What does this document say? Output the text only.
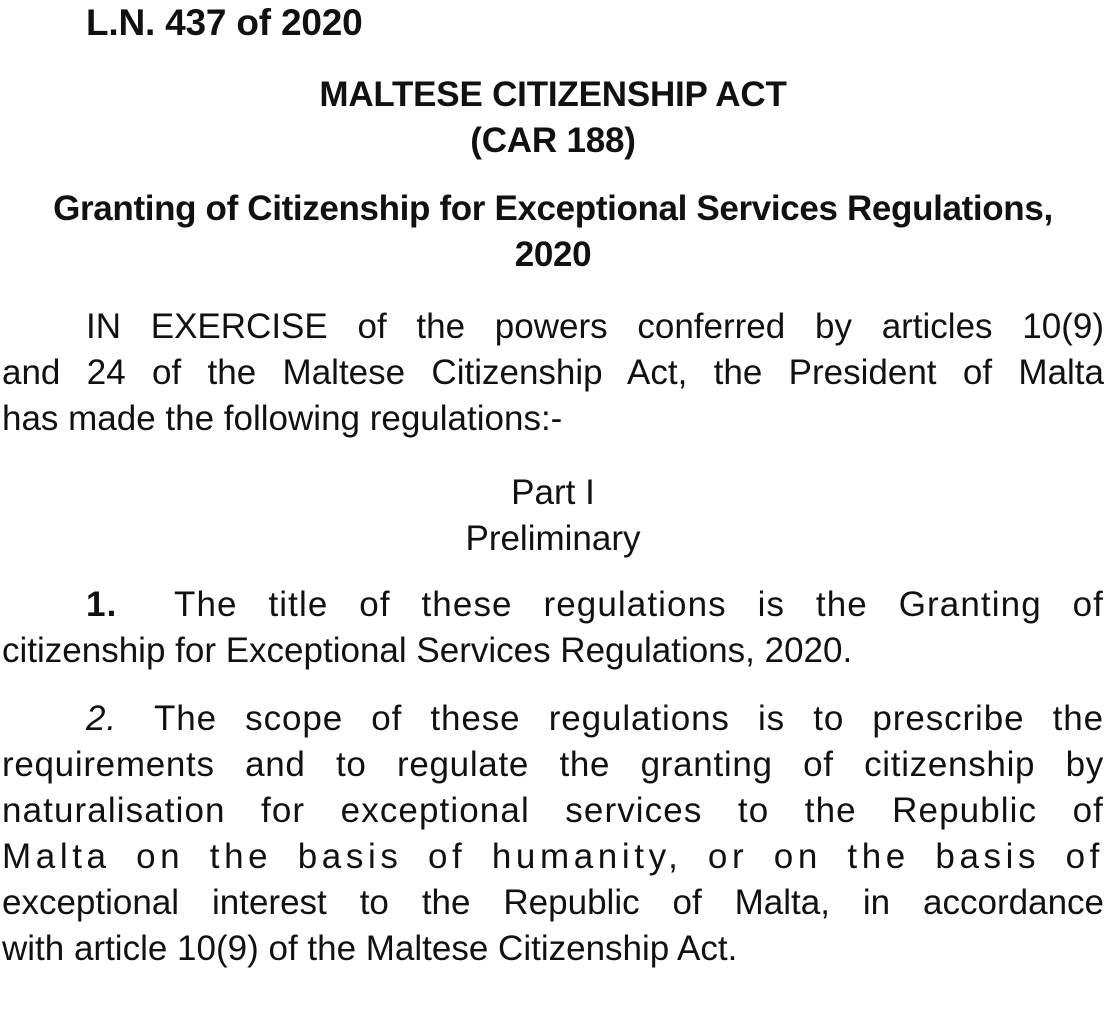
L.N. 437 of 2020
MALTESE CITIZENSHIP ACT
(CAR 188)
Granting of Citizenship for Exceptional Services Regulations,
2020
IN EXERCISE of the powers conferred by articles 10(9)
and 24 of the Maltese Citizenship Act, the President of Malta
has made the following regulations:-
Part I
Preliminary
1. The title of these regulations is the Granting of
citizenship for Exceptional Services Regulations, 2020.
2. The scope of these regulations is to prescribe the
requirements and to regulate the granting of citizenship by
naturalisation for exceptional services to the Republic of
Malta on the basis of humanity, or on the basis of
exceptional interest to the Republic of Malta, in accordance
with article 10(9) of the Maltese Citizenship Act.
